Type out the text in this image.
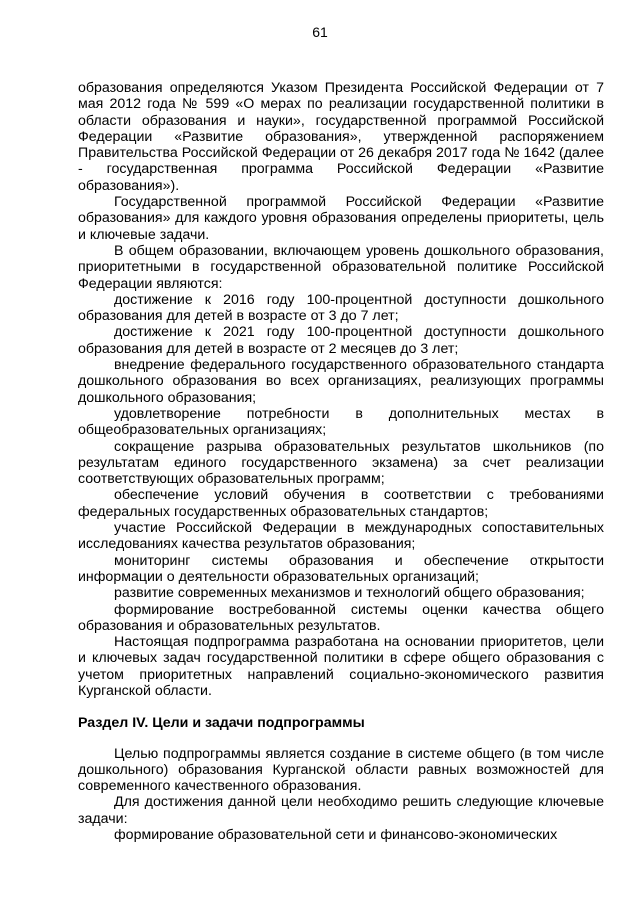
61

образования определяются Указом Президента Российской Федерации от 7 мая 2012 года № 599 «О мерах по реализации государственной политики в области образования и науки», государственной программой Российской Федерации «Развитие образования», утвержденной распоряжением Правительства Российской Федерации от 26 декабря 2017 года № 1642 (далее - государственная программа Российской Федерации «Развитие образования»).

Государственной программой Российской Федерации «Развитие образования» для каждого уровня образования определены приоритеты, цель и ключевые задачи.

В общем образовании, включающем уровень дошкольного образования, приоритетными в государственной образовательной политике Российской Федерации являются:

достижение к 2016 году 100-процентной доступности дошкольного образования для детей в возрасте от 3 до 7 лет;

достижение к 2021 году 100-процентной доступности дошкольного образования для детей в возрасте от 2 месяцев до 3 лет;

внедрение федерального государственного образовательного стандарта дошкольного образования во всех организациях, реализующих программы дошкольного образования;

удовлетворение потребности в дополнительных местах в общеобразовательных организациях;

сокращение разрыва образовательных результатов школьников (по результатам единого государственного экзамена) за счет реализации соответствующих образовательных программ;

обеспечение условий обучения в соответствии с требованиями федеральных государственных образовательных стандартов;

участие Российской Федерации в международных сопоставительных исследованиях качества результатов образования;

мониторинг системы образования и обеспечение открытости информации о деятельности образовательных организаций;

развитие современных механизмов и технологий общего образования;

формирование востребованной системы оценки качества общего образования и образовательных результатов.

Настоящая подпрограмма разработана на основании приоритетов, цели и ключевых задач государственной политики в сфере общего образования с учетом приоритетных направлений социально-экономического развития Курганской области.

Раздел IV. Цели и задачи подпрограммы

Целью подпрограммы является создание в системе общего (в том числе дошкольного) образования Курганской области равных возможностей для современного качественного образования.

Для достижения данной цели необходимо решить следующие ключевые задачи:

формирование образовательной сети и финансово-экономических
